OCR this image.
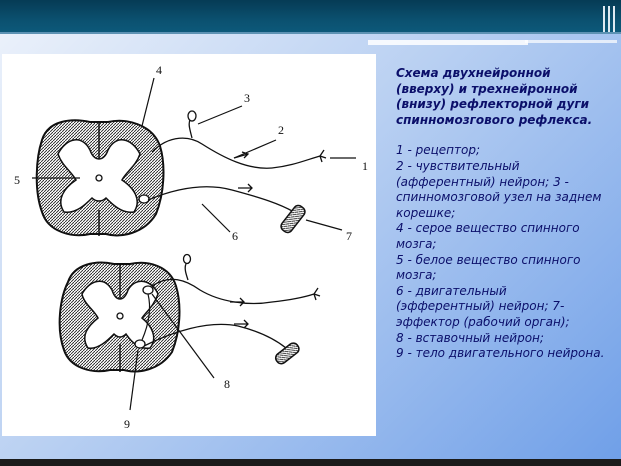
4
3
2
1
5
6	7
8
9
Схема двухнейронной (вверху) и трехнейронной (внизу) рефлекторной дуги спинномозгового рефлекса.
1 - рецептор;
2 - чувствительный (афферентный) нейрон; 3 - спинномозговой узел на заднем корешке;
4 - серое вещество спинного мозга;
5 - белое вещество спинного мозга;
6 - двигательный (эфферентный) нейрон; 7- эффектор (рабочий орган);
8 - вставочный нейрон;
9 - тело двигательного нейрона.
